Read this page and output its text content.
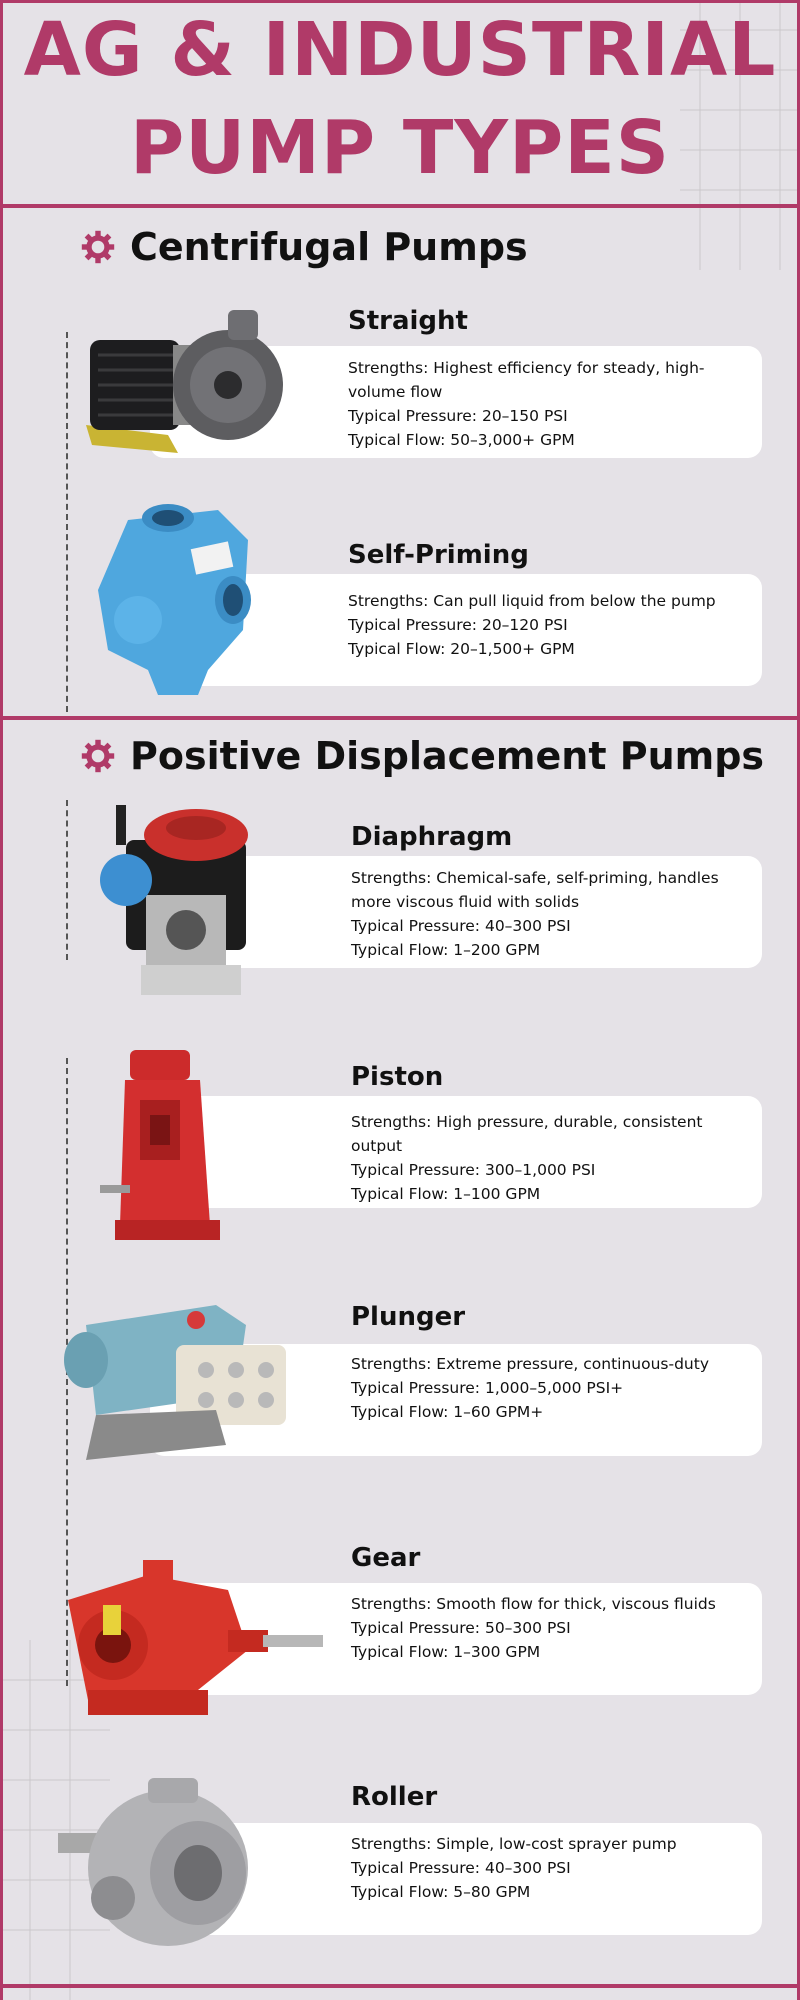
AG & INDUSTRIAL
PUMP TYPES
Centrifugal Pumps
Straight
Strengths: Highest efficiency for steady, high-volume flow
Typical Pressure: 20–150 PSI
Typical Flow: 50–3,000+ GPM
Self-Priming
Strengths: Can pull liquid from below the pump
Typical Pressure: 20–120 PSI
Typical Flow: 20–1,500+ GPM
Positive Displacement Pumps
Diaphragm
Strengths: Chemical-safe, self-priming, handles more viscous fluid with solids
Typical Pressure: 40–300 PSI
Typical Flow: 1–200 GPM
Piston
Strengths: High pressure, durable, consistent output
Typical Pressure: 300–1,000 PSI
Typical Flow: 1–100 GPM
Plunger
Strengths: Extreme pressure, continuous-duty
Typical Pressure: 1,000–5,000 PSI+
Typical Flow: 1–60 GPM+
Gear
Strengths: Smooth flow for thick, viscous fluids
Typical Pressure: 50–300 PSI
Typical Flow: 1–300 GPM
Roller
Strengths: Simple, low-cost sprayer pump
Typical Pressure: 40–300 PSI
Typical Flow: 5–80 GPM
